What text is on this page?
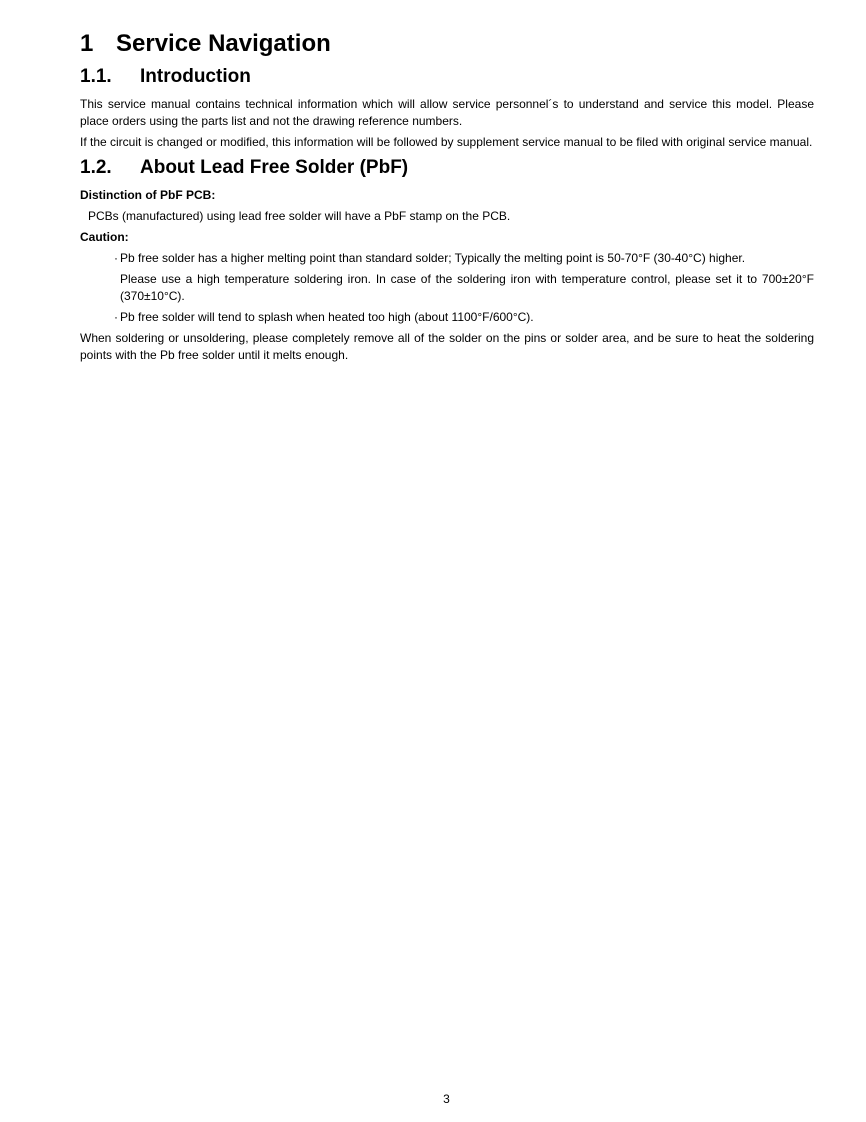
1 Service Navigation
1.1.	Introduction

This service manual contains technical information which will allow service personnel´s to understand and service this model. Please place orders using the parts list and not the drawing reference numbers.

If the circuit is changed or modified, this information will be followed by supplement service manual to be filed with original service manual.

1.2.	About Lead Free Solder (PbF)
Distinction of PbF PCB:

PCBs (manufactured) using lead free solder will have a PbF stamp on the PCB.

Caution:
· Pb free solder has a higher melting point than standard solder; Typically the melting point is 50-70°F (30-40°C) higher.

Please use a high temperature soldering iron. In case of the soldering iron with temperature control, please set it to 700±20°F (370±10°C).

· Pb free solder will tend to splash when heated too high (about 1100°F/600°C).

When soldering or unsoldering, please completely remove all of the solder on the pins or solder area, and be sure to heat the soldering points with the Pb free solder until it melts enough.

3
